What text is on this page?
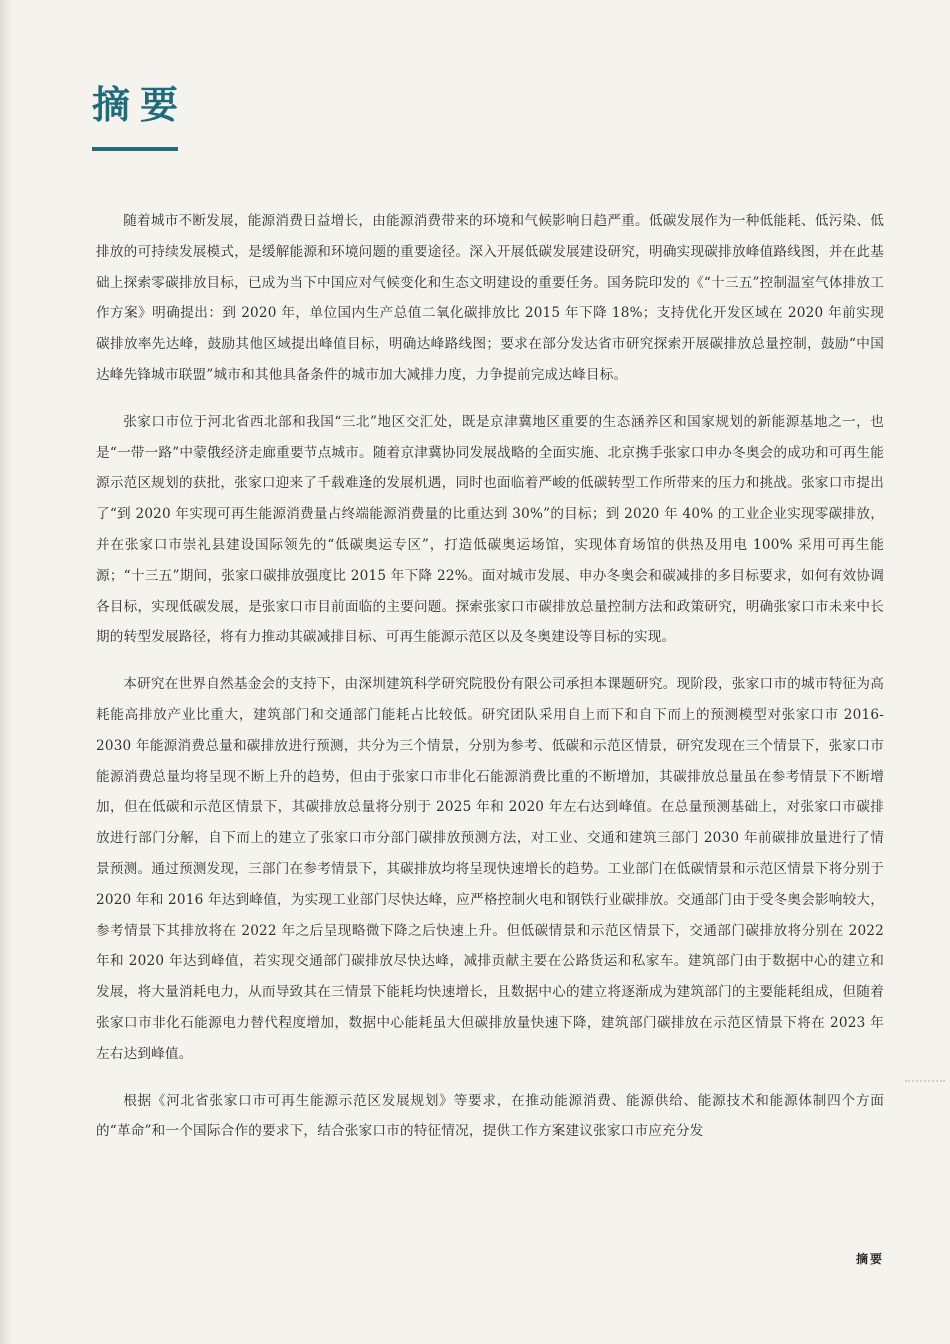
摘要

随着城市不断发展，能源消费日益增长，由能源消费带来的环境和气候影响日趋严重。低碳发展作为一种低能耗、低污染、低排放的可持续发展模式，是缓解能源和环境问题的重要途径。深入开展低碳发展建设研究，明确实现碳排放峰值路线图，并在此基础上探索零碳排放目标，已成为当下中国应对气候变化和生态文明建设的重要任务。国务院印发的《“十三五”控制温室气体排放工作方案》明确提出：到 2020 年，单位国内生产总值二氧化碳排放比 2015 年下降 18%；支持优化开发区域在 2020 年前实现碳排放率先达峰，鼓励其他区域提出峰值目标，明确达峰路线图；要求在部分发达省市研究探索开展碳排放总量控制，鼓励“中国达峰先锋城市联盟”城市和其他具备条件的城市加大减排力度，力争提前完成达峰目标。

张家口市位于河北省西北部和我国“三北”地区交汇处，既是京津冀地区重要的生态涵养区和国家规划的新能源基地之一，也是“一带一路”中蒙俄经济走廊重要节点城市。随着京津冀协同发展战略的全面实施、北京携手张家口申办冬奥会的成功和可再生能源示范区规划的获批，张家口迎来了千载难逢的发展机遇，同时也面临着严峻的低碳转型工作所带来的压力和挑战。张家口市提出了“到 2020 年实现可再生能源消费量占终端能源消费量的比重达到 30%”的目标；到 2020 年 40% 的工业企业实现零碳排放，并在张家口市崇礼县建设国际领先的“低碳奥运专区”，打造低碳奥运场馆，实现体育场馆的供热及用电 100% 采用可再生能源；“十三五”期间，张家口碳排放强度比 2015 年下降 22%。面对城市发展、申办冬奥会和碳减排的多目标要求，如何有效协调各目标，实现低碳发展，是张家口市目前面临的主要问题。探索张家口市碳排放总量控制方法和政策研究，明确张家口市未来中长期的转型发展路径，将有力推动其碳减排目标、可再生能源示范区以及冬奥建设等目标的实现。

本研究在世界自然基金会的支持下，由深圳建筑科学研究院股份有限公司承担本课题研究。现阶段，张家口市的城市特征为高耗能高排放产业比重大，建筑部门和交通部门能耗占比较低。研究团队采用自上而下和自下而上的预测模型对张家口市 2016-2030 年能源消费总量和碳排放进行预测，共分为三个情景，分别为参考、低碳和示范区情景，研究发现在三个情景下，张家口市能源消费总量均将呈现不断上升的趋势，但由于张家口市非化石能源消费比重的不断增加，其碳排放总量虽在参考情景下不断增加，但在低碳和示范区情景下，其碳排放总量将分别于 2025 年和 2020 年左右达到峰值。在总量预测基础上，对张家口市碳排放进行部门分解，自下而上的建立了张家口市分部门碳排放预测方法，对工业、交通和建筑三部门 2030 年前碳排放量进行了情景预测。通过预测发现，三部门在参考情景下，其碳排放均将呈现快速增长的趋势。工业部门在低碳情景和示范区情景下将分别于 2020 年和 2016 年达到峰值，为实现工业部门尽快达峰，应严格控制火电和钢铁行业碳排放。交通部门由于受冬奥会影响较大，参考情景下其排放将在 2022 年之后呈现略微下降之后快速上升。但低碳情景和示范区情景下，交通部门碳排放将分别在 2022 年和 2020 年达到峰值，若实现交通部门碳排放尽快达峰，减排贡献主要在公路货运和私家车。建筑部门由于数据中心的建立和发展，将大量消耗电力，从而导致其在三情景下能耗均快速增长，且数据中心的建立将逐渐成为建筑部门的主要能耗组成，但随着张家口市非化石能源电力替代程度增加，数据中心能耗虽大但碳排放量快速下降，建筑部门碳排放在示范区情景下将在 2023 年左右达到峰值。

根据《河北省张家口市可再生能源示范区发展规划》等要求，在推动能源消费、能源供给、能源技术和能源体制四个方面的“革命”和一个国际合作的要求下，结合张家口市的特征情况，提供工作方案建议张家口市应充分发

摘要
